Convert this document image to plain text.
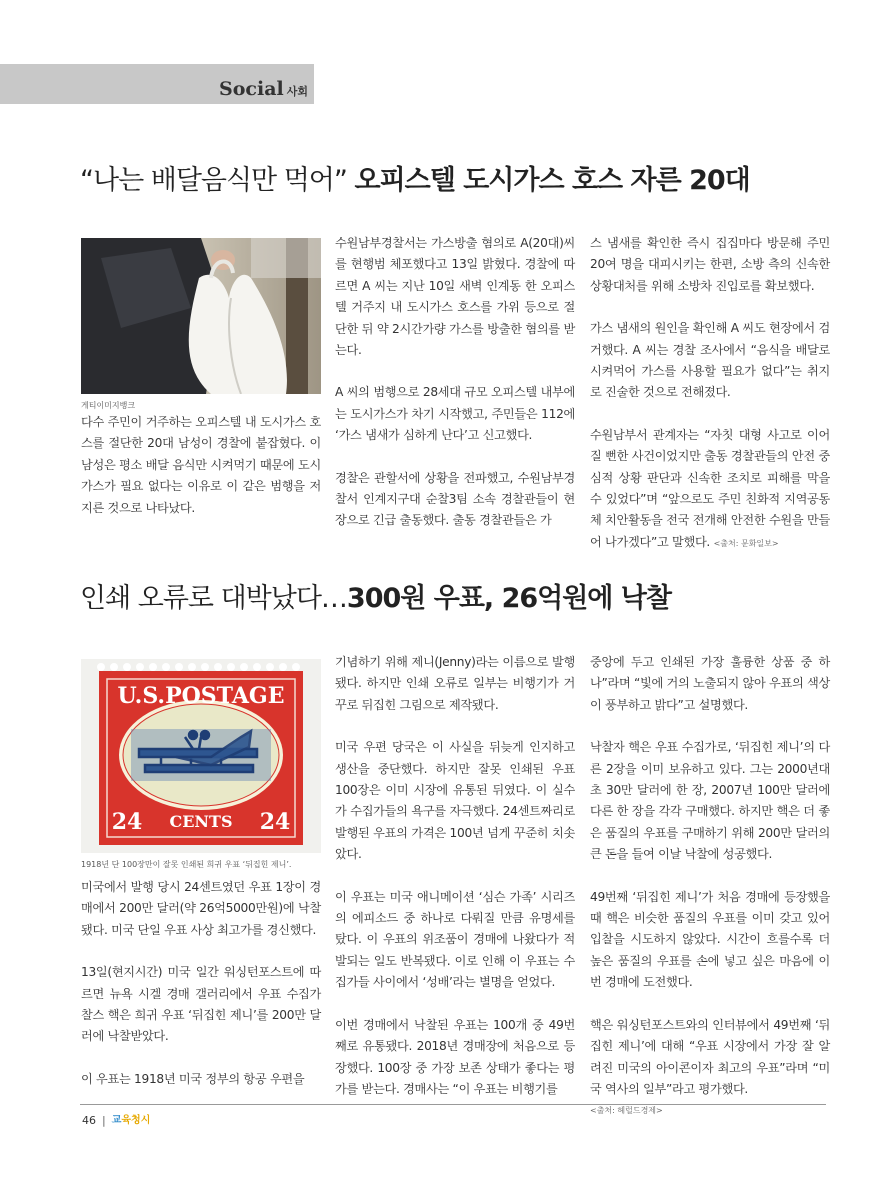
Social 사회
“나는 배달음식만 먹어” 오피스텔 도시가스 호스 자른 20대
게티이미지뱅크

다수 주민이 거주하는 오피스텔 내 도시가스 호스를 절단한 20대 남성이 경찰에 붙잡혔다. 이 남성은 평소 배달 음식만 시켜먹기 때문에 도시가스가 필요 없다는 이유로 이 같은 범행을 저지른 것으로 나타났다.

수원남부경찰서는 가스방출 혐의로 A(20대)씨를 현행범 체포했다고 13일 밝혔다. 경찰에 따르면 A 씨는 지난 10일 새벽 인계동 한 오피스텔 거주지 내 도시가스 호스를 가위 등으로 절단한 뒤 약 2시간가량 가스를 방출한 혐의를 받는다.

A 씨의 범행으로 28세대 규모 오피스텔 내부에는 도시가스가 차기 시작했고, 주민들은 112에 ‘가스 냄새가 심하게 난다’고 신고했다.

경찰은 관할서에 상황을 전파했고, 수원남부경찰서 인계지구대 순찰3팀 소속 경찰관들이 현장으로 긴급 출동했다. 출동 경찰관들은 가

스 냄새를 확인한 즉시 집집마다 방문해 주민 20여 명을 대피시키는 한편, 소방 측의 신속한 상황대처를 위해 소방차 진입로를 확보했다.

가스 냄새의 원인을 확인해 A 씨도 현장에서 검거했다. A 씨는 경찰 조사에서 “음식을 배달로 시켜먹어 가스를 사용할 필요가 없다”는 취지로 진술한 것으로 전해졌다.

수원남부서 관계자는 “자칫 대형 사고로 이어질 뻔한 사건이었지만 출동 경찰관들의 안전 중심적 상황 판단과 신속한 조치로 피해를 막을 수 있었다”며 “앞으로도 주민 친화적 지역공동체 치안활동을 전국 전개해 안전한 수원을 만들어 나가겠다”고 말했다. <출처: 문화일보>

인쇄 오류로 대박났다…300원 우표, 26억원에 낙찰
U.S.POSTAGE
24 CENTS 24
1918년 단 100장만이 잘못 인쇄된 희귀 우표 ‘뒤집힌 제니’.

미국에서 발행 당시 24센트였던 우표 1장이 경매에서 200만 달러(약 26억5000만원)에 낙찰됐다. 미국 단일 우표 사상 최고가를 경신했다.

13일(현지시간) 미국 일간 워싱턴포스트에 따르면 뉴욕 시겔 경매 갤러리에서 우표 수집가 찰스 핵은 희귀 우표 ‘뒤집힌 제니’를 200만 달러에 낙찰받았다.

이 우표는 1918년 미국 정부의 항공 우편을

기념하기 위해 제니(Jenny)라는 이름으로 발행됐다. 하지만 인쇄 오류로 일부는 비행기가 거꾸로 뒤집힌 그림으로 제작됐다.

미국 우편 당국은 이 사실을 뒤늦게 인지하고 생산을 중단했다. 하지만 잘못 인쇄된 우표 100장은 이미 시장에 유통된 뒤였다. 이 실수가 수집가들의 욕구를 자극했다. 24센트짜리로 발행된 우표의 가격은 100년 넘게 꾸준히 치솟았다.

이 우표는 미국 애니메이션 ‘심슨 가족’ 시리즈의 에피소드 중 하나로 다뤄질 만큼 유명세를 탔다. 이 우표의 위조품이 경매에 나왔다가 적발되는 일도 반복됐다. 이로 인해 이 우표는 수집가들 사이에서 ‘성배’라는 별명을 얻었다.

이번 경매에서 낙찰된 우표는 100개 중 49번째로 유통됐다. 2018년 경매장에 처음으로 등장했다. 100장 중 가장 보존 상태가 좋다는 평가를 받는다. 경매사는 “이 우표는 비행기를

중앙에 두고 인쇄된 가장 훌륭한 상품 중 하나”라며 “빛에 거의 노출되지 않아 우표의 색상이 풍부하고 밝다”고 설명했다.

낙찰자 핵은 우표 수집가로, ‘뒤집힌 제니’의 다른 2장을 이미 보유하고 있다. 그는 2000년대 초 30만 달러에 한 장, 2007년 100만 달러에 다른 한 장을 각각 구매했다. 하지만 핵은 더 좋은 품질의 우표를 구매하기 위해 200만 달러의 큰 돈을 들여 이날 낙찰에 성공했다.

49번째 ‘뒤집힌 제니’가 처음 경매에 등장했을 때 핵은 비슷한 품질의 우표를 이미 갖고 있어 입찰을 시도하지 않았다. 시간이 흐를수록 더 높은 품질의 우표를 손에 넣고 싶은 마음에 이번 경매에 도전했다.

핵은 워싱턴포스트와의 인터뷰에서 49번째 ‘뒤집힌 제니’에 대해 “우표 시장에서 가장 잘 알려진 미국의 아이콘이자 최고의 우표”라며 “미국 역사의 일부”라고 평가했다.

<출처: 헤럴드경제>

46 | 교육청시
